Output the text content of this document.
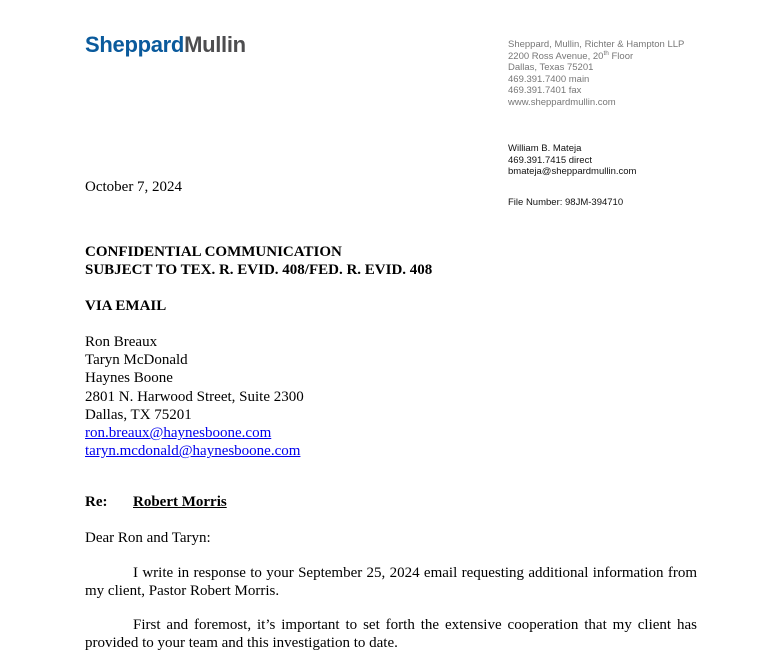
SheppardMullin	Sheppard, Mullin, Richter & Hampton LLP
2200 Ross Avenue, 20th Floor
Dallas, Texas 75201
469.391.7400 main
469.391.7401 fax
www.sheppardmullin.com
William B. Mateja
469.391.7415 direct
bmateja@sheppardmullin.com
File Number: 98JM-394710
October 7, 2024
CONFIDENTIAL COMMUNICATION
SUBJECT TO TEX. R. EVID. 408/FED. R. EVID. 408
VIA EMAIL
Ron Breaux
Taryn McDonald
Haynes Boone
2801 N. Harwood Street, Suite 2300
Dallas, TX 75201
ron.breaux@haynesboone.com
taryn.mcdonald@haynesboone.com
Re: Robert Morris
Dear Ron and Taryn:

I write in response to your September 25, 2024 email requesting additional information from my client, Pastor Robert Morris.

First and foremost, it’s important to set forth the extensive cooperation that my client has provided to your team and this investigation to date.
